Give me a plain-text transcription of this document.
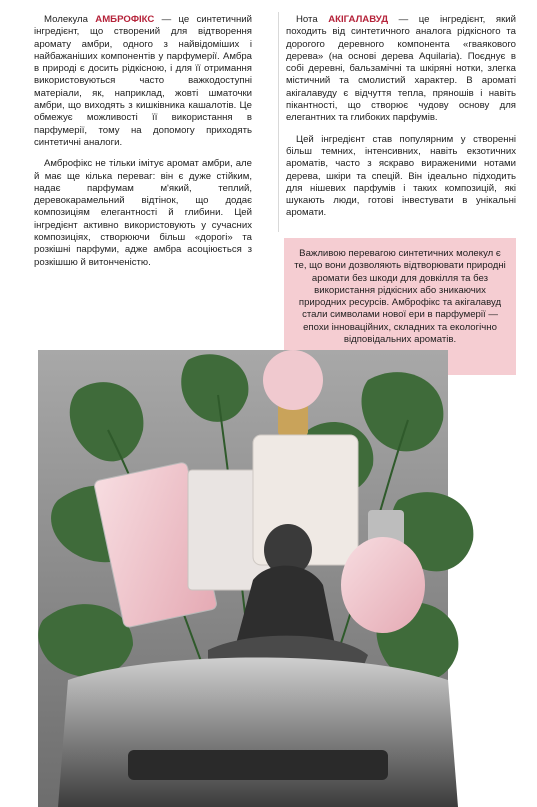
Молекула АМБРОФІКС — це синтетичний інгредієнт, що створений для відтворення аромату амбри, одного з найвідоміших і найбажаніших компонентів у парфумерії. Амбра в природі є досить рідкісною, і для її отримання використовуються часто важкодоступні матеріали, як, наприклад, жовті шматочки амбри, що виходять з кишківника кашалотів. Це обмежує можливості її використання в парфумерії, тому на допомогу приходять синтетичні аналоги.

Амброфікс не тільки імітує аромат амбри, але й має ще кілька переваг: він є дуже стійким, надає парфумам м'який, теплий, деревокарамельний відтінок, що додає композиціям елегантності й глибини. Цей інгредієнт активно використовують у сучасних композиціях, створюючи більш «дорогі» та розкішні парфуми, адже амбра асоціюється з розкішшю й витонченістю.

Нота АКІГАЛАВУД — це інгредієнт, який походить від синтетичного аналога рідкісного та дорогого деревного компонента «гваякового дерева» (на основі дерева Aquilaria). Поєднує в собі деревні, бальзамічні та шкіряні нотки, злегка містичний та смолистий характер. В ароматі акігалавуду є відчуття тепла, пряношів і навіть пікантності, що створює чудову основу для елегантних та глибоких парфумів.

Цей інгредієнт став популярним у створенні більш темних, інтенсивних, навіть екзотичних ароматів, часто з яскраво вираженими нотами дерева, шкіри та спецій. Він ідеально підходить для нішевих парфумів і таких композицій, які шукають люди, готові інвестувати в унікальні аромати.

Важливою перевагою синтетичних молекул є те, що вони дозволяють відтворювати природні аромати без шкоди для довкілля та без використання рідкісних або зникаючих природних ресурсів. Амброфікс та акігалавуд стали символами нової ери в парфумерії — епохи інноваційних, складних та екологічно відповідальних ароматів.
